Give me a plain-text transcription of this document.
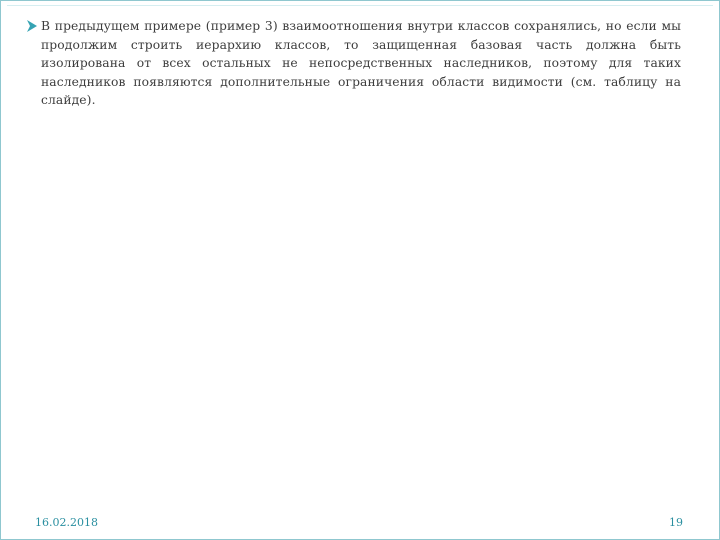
В предыдущем примере (пример 3) взаимоотношения внутри классов сохранялись, но если мы продолжим строить иерархию классов, то защищенная базовая часть должна быть изолирована от всех остальных не непосредственных наследников, поэтому для таких наследников появляются дополнительные ограничения области видимости (см. таблицу на слайде).
16.02.2018	19
